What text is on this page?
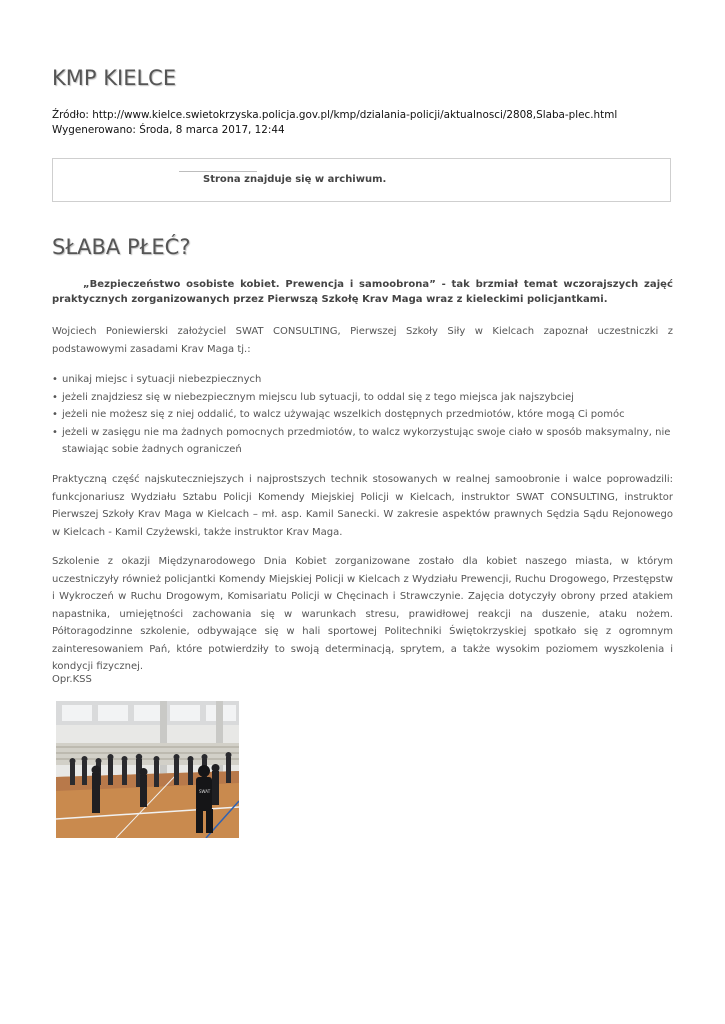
KMP KIELCE
Źródło: http://www.kielce.swietokrzyska.policja.gov.pl/kmp/dzialania-policji/aktualnosci/2808,Slaba-plec.html
Wygenerowano: Środa, 8 marca 2017, 12:44
Strona znajduje się w archiwum.
SŁABA PŁEĆ?

„Bezpieczeństwo osobiste kobiet. Prewencja i samoobrona” - tak brzmiał temat wczorajszych zajęć praktycznych zorganizowanych przez Pierwszą Szkołę Krav Maga wraz z kieleckimi policjantkami.

Wojciech Poniewierski założyciel SWAT CONSULTING, Pierwszej Szkoły Siły w Kielcach zapoznał uczestniczki z podstawowymi zasadami Krav Maga tj.:

• unikaj miejsc i sytuacji niebezpiecznych
• jeżeli znajdziesz się w niebezpiecznym miejscu lub sytuacji, to oddal się z tego miejsca jak najszybciej
• jeżeli nie możesz się z niej oddalić, to walcz używając wszelkich dostępnych przedmiotów, które mogą Ci pomóc
• jeżeli w zasięgu nie ma żadnych pomocnych przedmiotów, to walcz wykorzystując swoje ciało w sposób maksymalny, nie stawiając sobie żadnych ograniczeń

Praktyczną część najskuteczniejszych i najprostszych technik stosowanych w realnej samoobronie i walce poprowadzili: funkcjonariusz Wydziału Sztabu Policji Komendy Miejskiej Policji w Kielcach, instruktor SWAT CONSULTING, instruktor Pierwszej Szkoły Krav Maga w Kielcach – mł. asp. Kamil Sanecki. W zakresie aspektów prawnych Sędzia Sądu Rejonowego w Kielcach - Kamil Czyżewski, także instruktor Krav Maga.

Szkolenie z okazji Międzynarodowego Dnia Kobiet zorganizowane zostało dla kobiet naszego miasta, w którym uczestniczyły również policjantki Komendy Miejskiej Policji w Kielcach z Wydziału Prewencji, Ruchu Drogowego, Przestępstw i Wykroczeń w Ruchu Drogowym, Komisariatu Policji w Chęcinach i Strawczynie. Zajęcia dotyczyły obrony przed atakiem napastnika, umiejętności zachowania się w warunkach stresu, prawidłowej reakcji na duszenie, ataku nożem. Półtoragodzinne szkolenie, odbywające się w hali sportowej Politechniki Świętokrzyskiej spotkało się z ogromnym zainteresowaniem Pań, które potwierdziły to swoją determinacją, sprytem, a także wysokim poziomem wyszkolenia i kondycji fizycznej.

Opr.KSS

SWAT
